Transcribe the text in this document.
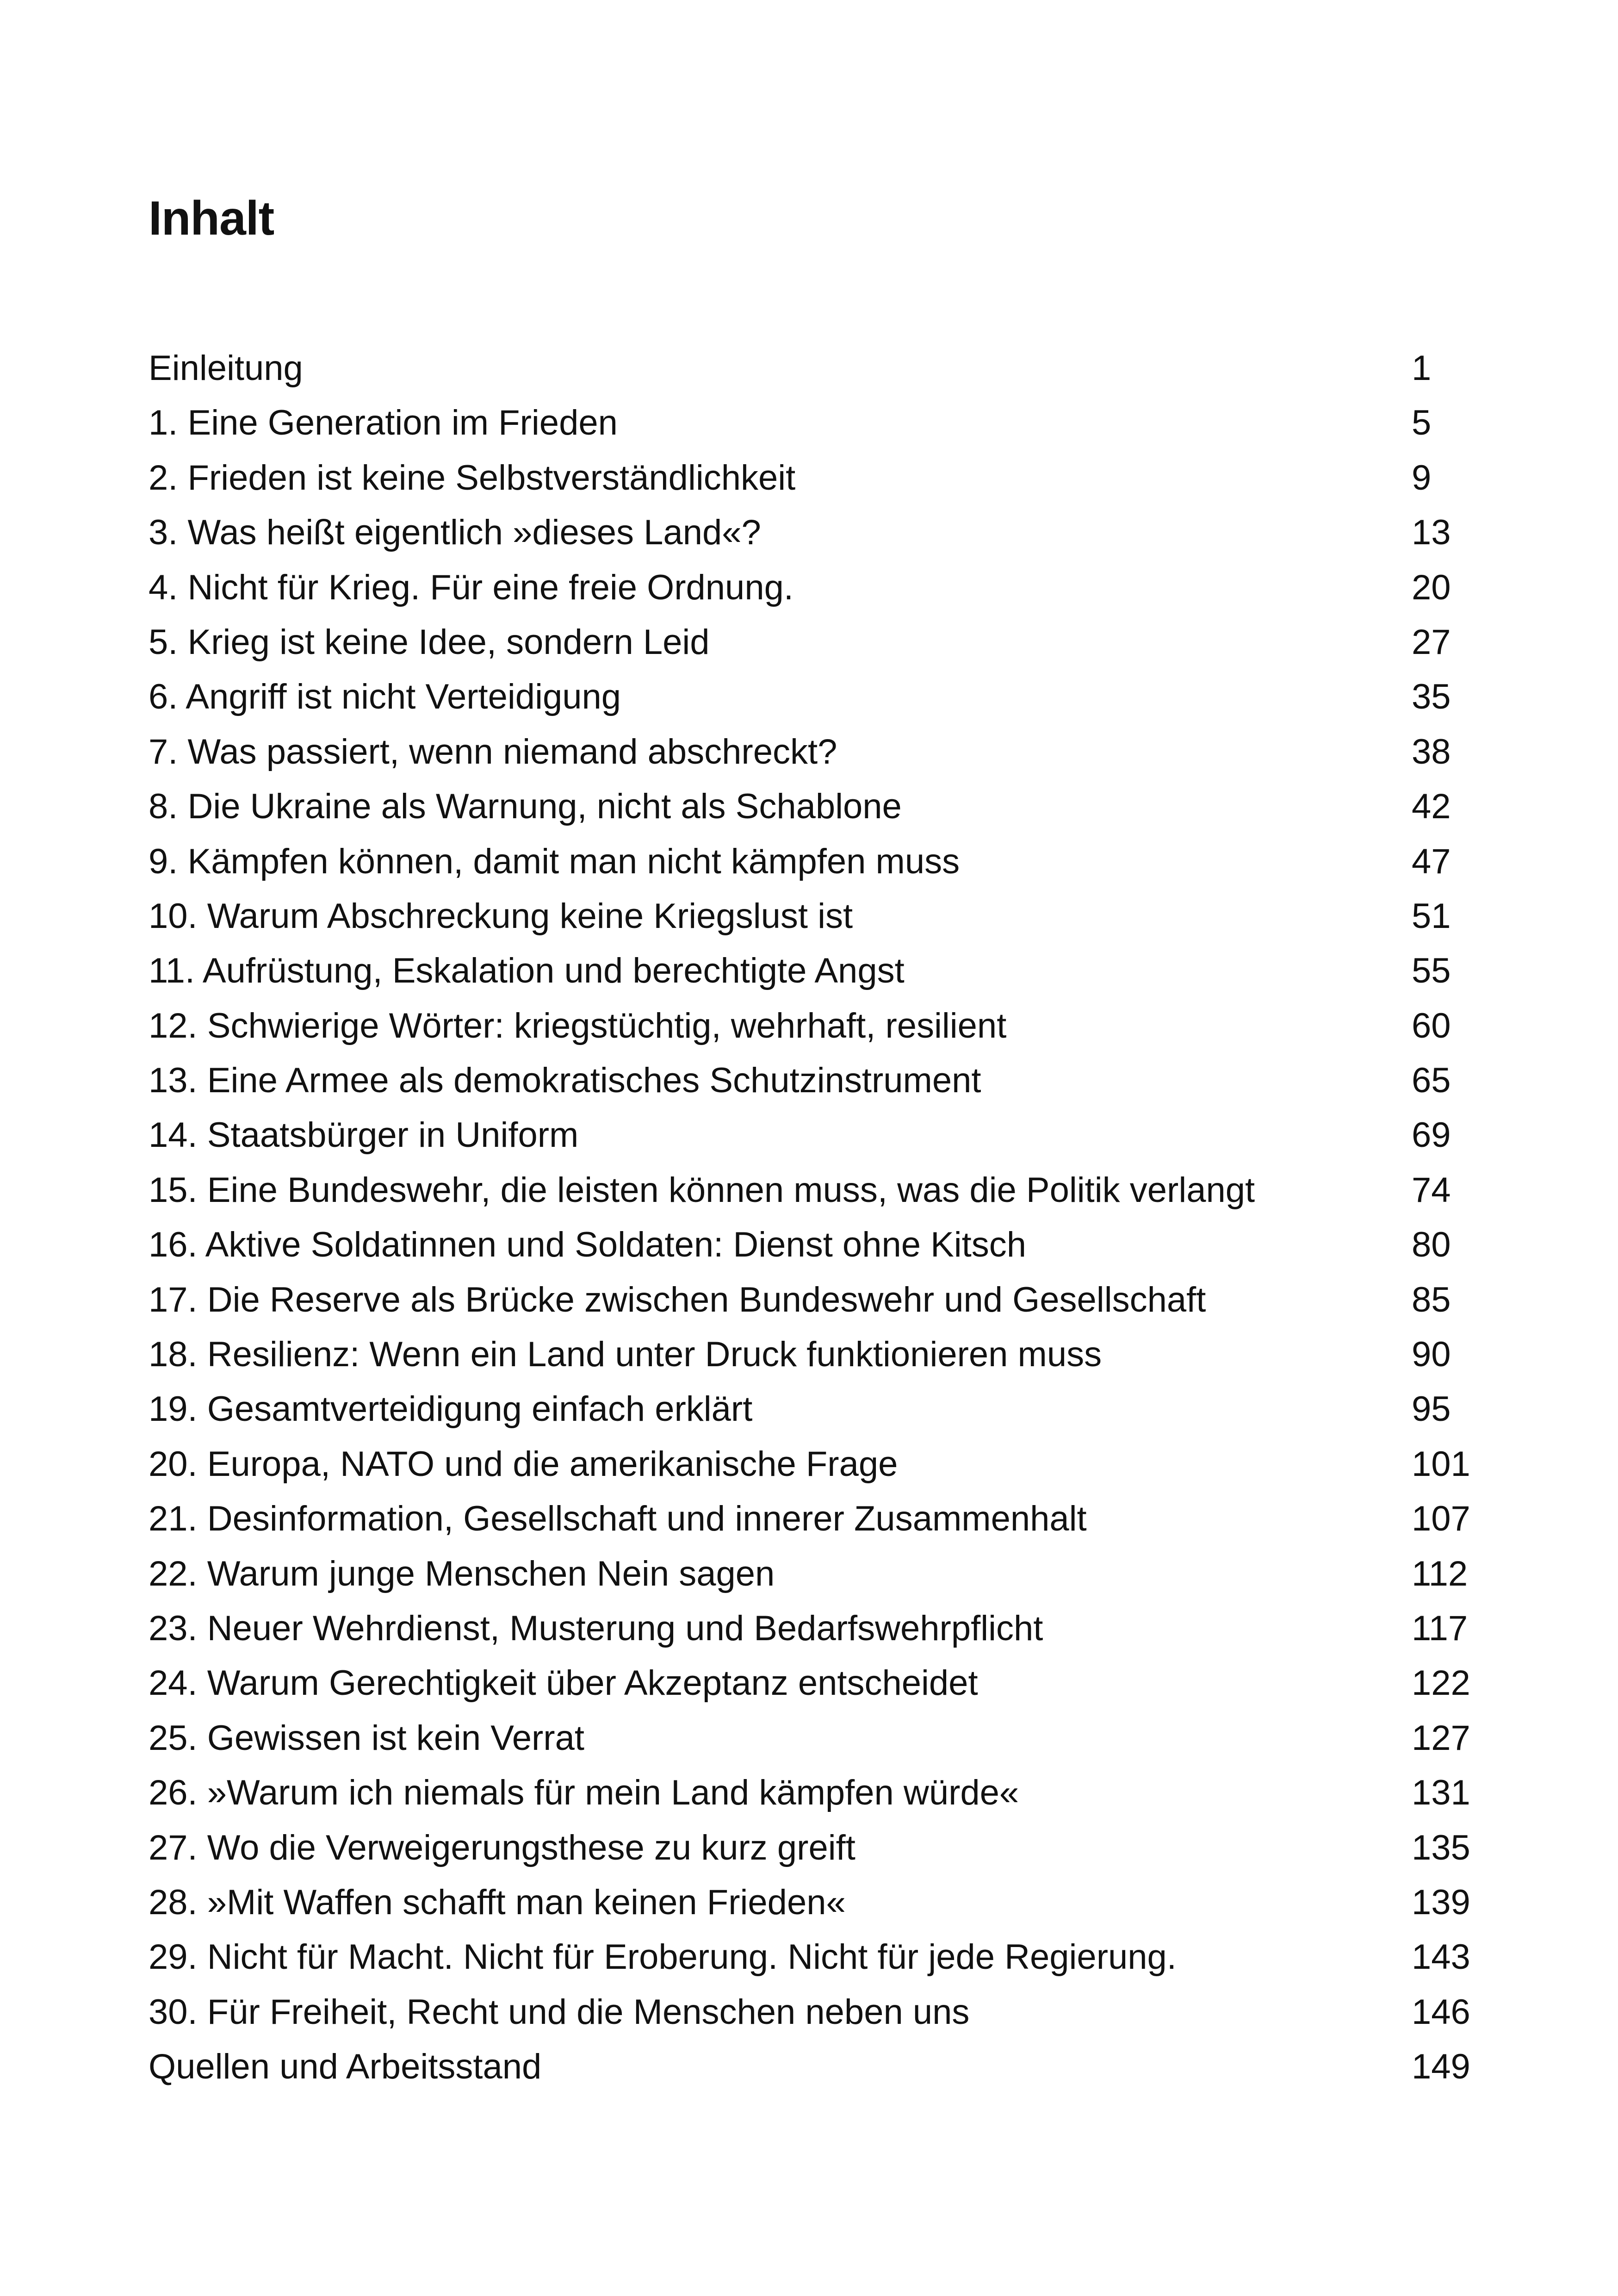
Inhalt
Einleitung	1
1. Eine Generation im Frieden	5
2. Frieden ist keine Selbstverständlichkeit	9
3. Was heißt eigentlich »dieses Land«?	13
4. Nicht für Krieg. Für eine freie Ordnung.	20
5. Krieg ist keine Idee, sondern Leid	27
6. Angriff ist nicht Verteidigung	35
7. Was passiert, wenn niemand abschreckt?	38
8. Die Ukraine als Warnung, nicht als Schablone	42
9. Kämpfen können, damit man nicht kämpfen muss	47
10. Warum Abschreckung keine Kriegslust ist	51
11. Aufrüstung, Eskalation und berechtigte Angst	55
12. Schwierige Wörter: kriegstüchtig, wehrhaft, resilient	60
13. Eine Armee als demokratisches Schutzinstrument	65
14. Staatsbürger in Uniform	69
15. Eine Bundeswehr, die leisten können muss, was die Politik verlangt	74
16. Aktive Soldatinnen und Soldaten: Dienst ohne Kitsch	80
17. Die Reserve als Brücke zwischen Bundeswehr und Gesellschaft	85
18. Resilienz: Wenn ein Land unter Druck funktionieren muss	90
19. Gesamtverteidigung einfach erklärt	95
20. Europa, NATO und die amerikanische Frage	101
21. Desinformation, Gesellschaft und innerer Zusammenhalt	107
22. Warum junge Menschen Nein sagen	112
23. Neuer Wehrdienst, Musterung und Bedarfswehrpflicht	117
24. Warum Gerechtigkeit über Akzeptanz entscheidet	122
25. Gewissen ist kein Verrat	127
26. »Warum ich niemals für mein Land kämpfen würde«	131
27. Wo die Verweigerungsthese zu kurz greift	135
28. »Mit Waffen schafft man keinen Frieden«	139
29. Nicht für Macht. Nicht für Eroberung. Nicht für jede Regierung.	143
30. Für Freiheit, Recht und die Menschen neben uns	146
Quellen und Arbeitsstand	149
